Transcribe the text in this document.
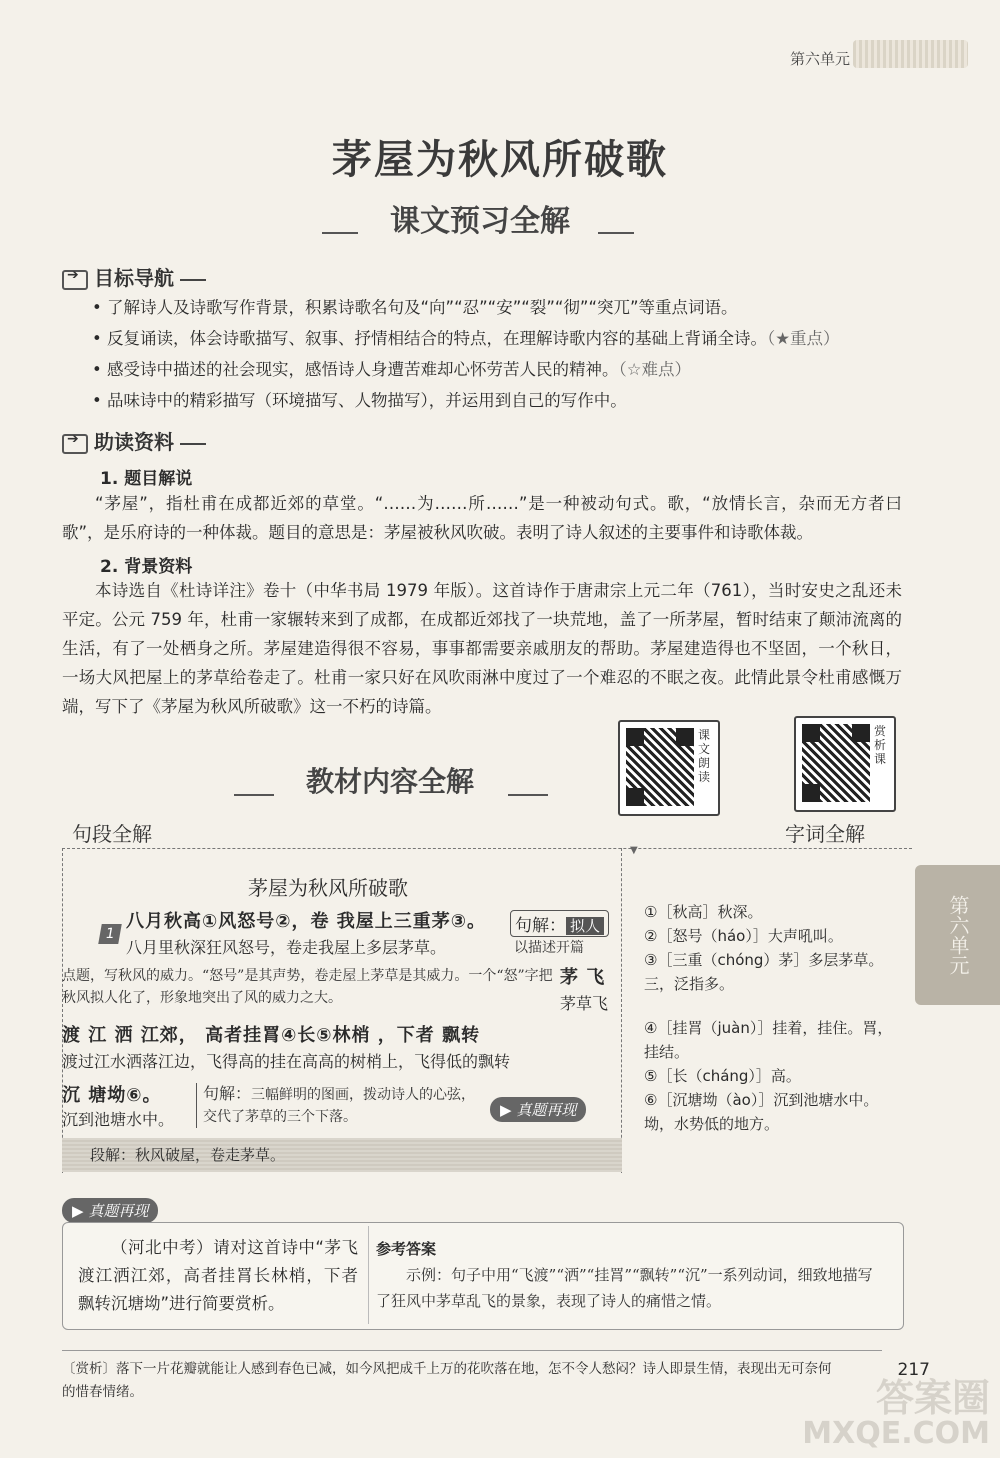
第六单元
茅屋为秋风所破歌
课文预习全解
➔目标导航
• 了解诗人及诗歌写作背景，积累诗歌名句及“向”“忍”“安”“裂”“彻”“突兀”等重点词语。
• 反复诵读，体会诗歌描写、叙事、抒情相结合的特点，在理解诗歌内容的基础上背诵全诗。（★重点）
• 感受诗中描述的社会现实，感悟诗人身遭苦难却心怀劳苦人民的精神。（☆难点）
• 品味诗中的精彩描写（环境描写、人物描写），并运用到自己的写作中。
➔助读资料
1. 题目解说
“茅屋”，指杜甫在成都近郊的草堂。“……为……所……”是一种被动句式。歌，“放情长言，杂而无方者曰歌”，是乐府诗的一种体裁。题目的意思是：茅屋被秋风吹破。表明了诗人叙述的主要事件和诗歌体裁。
2. 背景资料
本诗选自《杜诗详注》卷十（中华书局 1979 年版）。这首诗作于唐肃宗上元二年（761），当时安史之乱还未平定。公元 759 年，杜甫一家辗转来到了成都，在成都近郊找了一块荒地，盖了一所茅屋，暂时结束了颠沛流离的生活，有了一处栖身之所。茅屋建造得很不容易，事事都需要亲戚朋友的帮助。茅屋建造得也不坚固，一个秋日，一场大风把屋上的茅草给卷走了。杜甫一家只好在风吹雨淋中度过了一个难忍的不眠之夜。此情此景令杜甫感慨万端，写下了《茅屋为秋风所破歌》这一不朽的诗篇。
课文朗读
赏析课
教材内容全解
句段全解	字词全解
▼
茅屋为秋风所破歌
1
八月秋高①风怒号②，卷 我屋上三重茅③。
八月里秋深狂风怒号，卷走我屋上多层茅草。
句解： 拟人
以描述开篇
点题，写秋风的威力。“怒号”是其声势，卷走屋上茅草是其威力。一个“怒”字把秋风拟人化了，形象地突出了风的威力之大。
茅 飞
茅草飞
渡 江 洒 江郊， 高者挂罥④长⑤林梢 ，下者 飘转
渡过江水洒落江边，飞得高的挂在高高的树梢上，飞得低的飘转
沉 塘坳⑥。
沉到池塘水中。
句解：三幅鲜明的图画，拨动诗人的心弦，交代了茅草的三个下落。	▶ 真题再现
段解：秋风破屋，卷走茅草。
①［秋高］秋深。
②［怒号（háo）］大声吼叫。
③［三重（chóng）茅］多层茅草。三，泛指多。
④［挂罥（juàn）］挂着，挂住。罥，挂结。
⑤［长（cháng）］高。
⑥［沉塘坳（ào）］沉到池塘水中。坳，水势低的地方。
第六单元
▶ 真题再现
（河北中考）请对这首诗中“茅飞渡江洒江郊，高者挂罥长林梢，下者飘转沉塘坳”进行简要赏析。
参考答案
示例：句子中用“飞渡”“洒”“挂罥”“飘转”“沉”一系列动词，细致地描写了狂风中茅草乱飞的景象，表现了诗人的痛惜之情。
〔赏析〕落下一片花瓣就能让人感到春色已减，如今风把成千上万的花吹落在地，怎不令人愁闷？诗人即景生情，表现出无可奈何的惜春情绪。
217
答案圈
MXQE.COM
